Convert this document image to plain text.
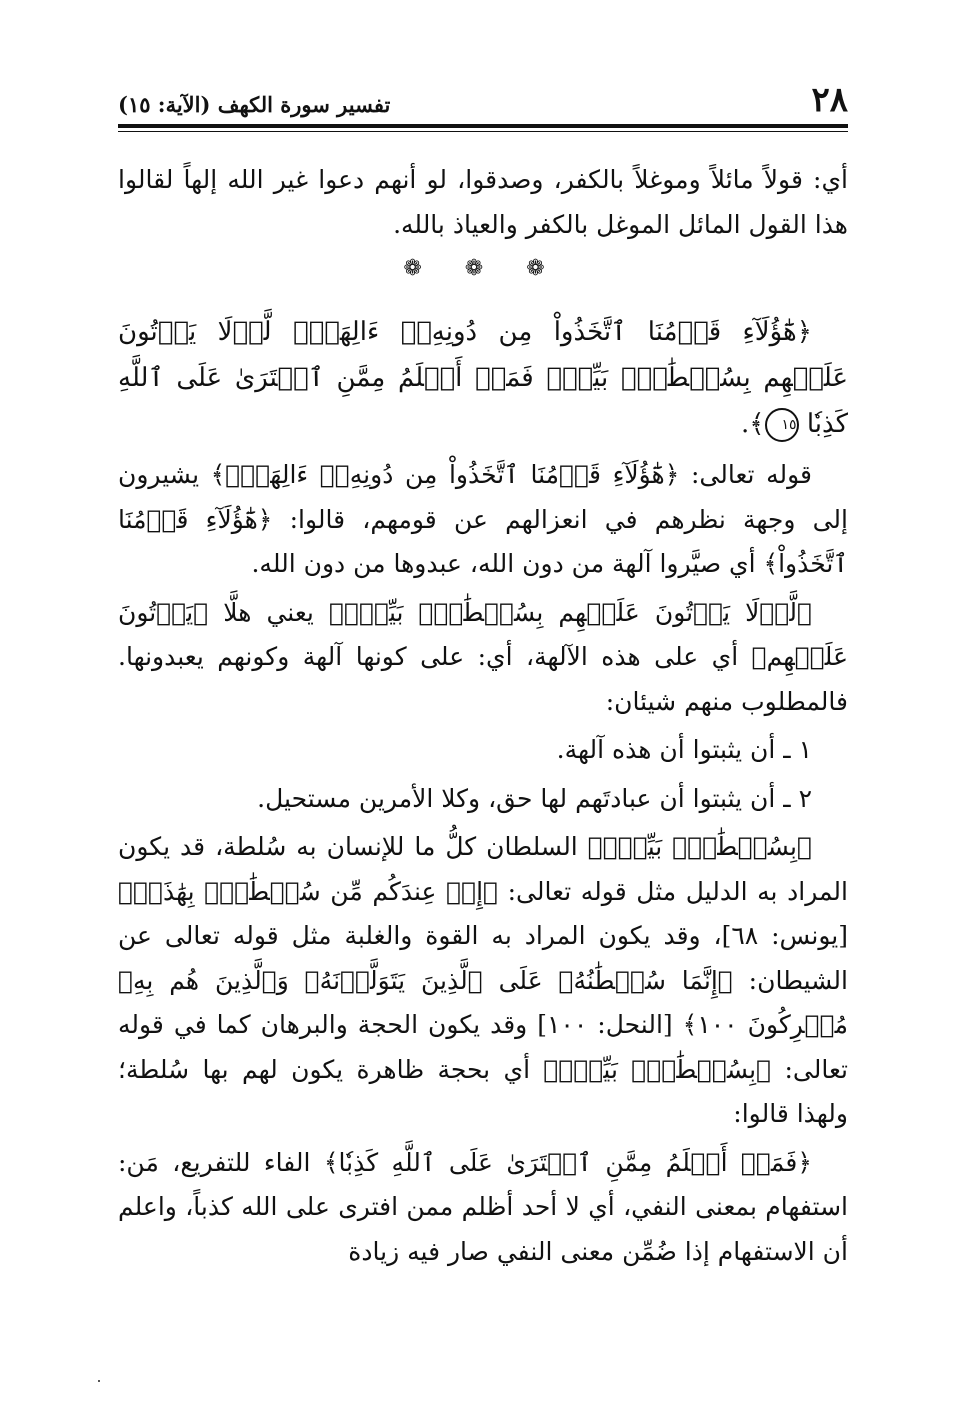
٢٨
تفسير سورة الكهف (الآية: ١٥)

أي: قولاً مائلاً وموغلاً بالكفر، وصدقوا، لو أنهم دعوا غير الله إلهاً لقالوا هذا القول المائل الموغل بالكفر والعياذ بالله.

❁ ❁ ❁

﴿هَٰٓؤُلَآءِ قَوۡمُنَا ٱتَّخَذُواْ مِن دُونِهِۦٓ ءَالِهَةٗۖ لَّوۡلَا يَأۡتُونَ عَلَيۡهِم بِسُلۡطَٰنِۭ بَيِّنٖۖ فَمَنۡ أَظۡلَمُ مِمَّنِ ٱفۡتَرَىٰ عَلَى ٱللَّهِ كَذِبٗا ١٥﴾.

قوله تعالى: ﴿هَٰٓؤُلَآءِ قَوۡمُنَا ٱتَّخَذُواْ مِن دُونِهِۦٓ ءَالِهَةٗۖ﴾ يشيرون إلى وجهة نظرهم في انعزالهم عن قومهم، قالوا: ﴿هَٰٓؤُلَآءِ قَوۡمُنَا ٱتَّخَذُواْ﴾ أي صيَّروا آلهة من دون الله، عبدوها من دون الله.

﴿لَّوۡلَا يَأۡتُونَ عَلَيۡهِم بِسُلۡطَٰنِۭ بَيِّنٖۖ﴾ يعني هلَّا ﴿يَأۡتُونَ عَلَيۡهِم﴾ أي على هذه الآلهة، أي: على كونها آلهة وكونهم يعبدونها. فالمطلوب منهم شيئان:

١ ـ أن يثبتوا أن هذه آلهة.

٢ ـ أن يثبتوا أن عبادتَهم لها حق، وكلا الأمرين مستحيل.

﴿بِسُلۡطَٰنِۭ بَيِّنٖۖ﴾ السلطان كلُّ ما للإنسان به سُلطة، قد يكون المراد به الدليل مثل قوله تعالى: ﴿إِنۡ عِندَكُم مِّن سُلۡطَٰنِۭ بِهَٰذَآۚ﴾ [يونس: ٦٨]، وقد يكون المراد به القوة والغلبة مثل قوله تعالى عن الشيطان: ﴿إِنَّمَا سُلۡطَٰنُهُۥ عَلَى ٱلَّذِينَ يَتَوَلَّوۡنَهُۥ وَٱلَّذِينَ هُم بِهِۦ مُشۡرِكُونَ ١٠٠﴾ [النحل: ١٠٠] وقد يكون الحجة والبرهان كما في قوله تعالى: ﴿بِسُلۡطَٰنِۭ بَيِّنٖۖ﴾ أي بحجة ظاهرة يكون لهم بها سُلطة؛ ولهذا قالوا:

﴿فَمَنۡ أَظۡلَمُ مِمَّنِ ٱفۡتَرَىٰ عَلَى ٱللَّهِ كَذِبٗا﴾ الفاء للتفريع، مَن: استفهام بمعنى النفي، أي لا أحد أظلم ممن افترى على الله كذباً، واعلم أن الاستفهام إذا ضُمِّن معنى النفي صار فيه زيادة
